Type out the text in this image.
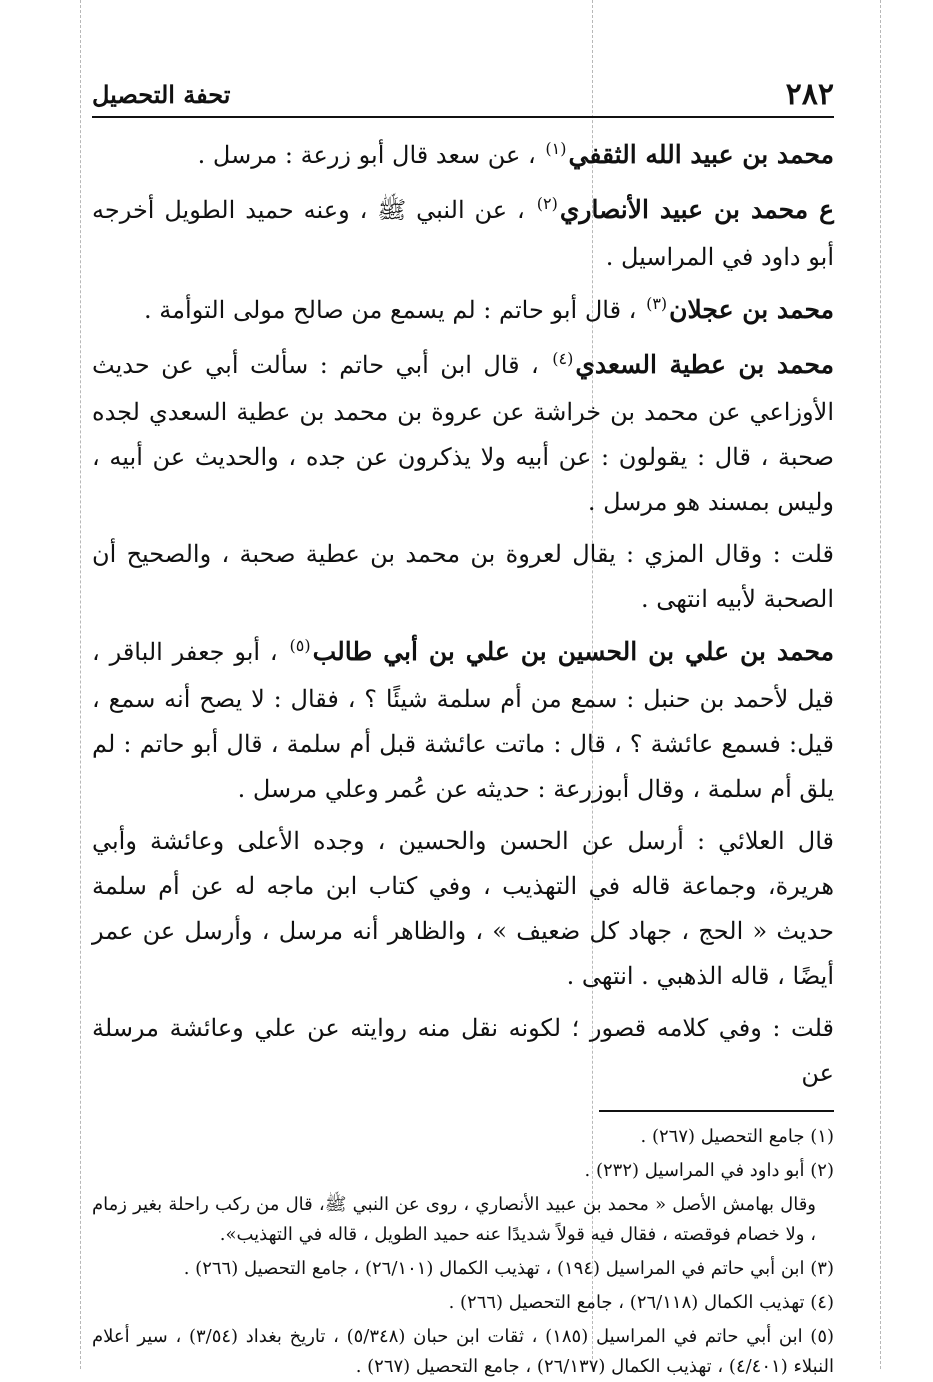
٢٨٢
تحفة التحصيل

محمد بن عبيد الله الثقفي$^{(١)}$ ، عن سعد قال أبو زرعة : مرسل .

ع محمد بن عبيد الأنصاري$^{(٢)}$ ، عن النبي ﷺ ، وعنه حميد الطويل أخرجه أبو داود في المراسيل .

محمد بن عجلان$^{(٣)}$ ، قال أبو حاتم : لم يسمع من صالح مولى التوأمة .

محمد بن عطية السعدي$^{(٤)}$ ، قال ابن أبي حاتم : سألت أبي عن حديث الأوزاعي عن محمد بن خراشة عن عروة بن محمد بن عطية السعدي لجده صحبة ، قال : يقولون : عن أبيه ولا يذكرون عن جده ، والحديث عن أبيه ، وليس بمسند هو مرسل .

قلت : وقال المزي : يقال لعروة بن محمد بن عطية صحبة ، والصحيح أن الصحبة لأبيه انتهى .

محمد بن علي بن الحسين بن علي بن أبي طالب$^{(٥)}$ ، أبو جعفر الباقر ، قيل لأحمد بن حنبل : سمع من أم سلمة شيئًا ؟ ، فقال : لا يصح أنه سمع ، قيل: فسمع عائشة ؟ ، قال : ماتت عائشة قبل أم سلمة ، قال أبو حاتم : لم يلق أم سلمة ، وقال أبوزرعة : حديثه عن عُمر وعلي مرسل .

قال العلائي : أرسل عن الحسن والحسين ، وجده الأعلى وعائشة وأبي هريرة، وجماعة قاله في التهذيب ، وفي كتاب ابن ماجه له عن أم سلمة حديث « الحج ، جهاد كل ضعيف » ، والظاهر أنه مرسل ، وأرسل عن عمر أيضًا ، قاله الذهبي . انتهى .

قلت : وفي كلامه قصور ؛ لكونه نقل منه روايته عن علي وعائشة مرسلة عن

(١) جامع التحصيل (٢٦٧) .

(٢) أبو داود في المراسيل (٢٣٢) .

وقال بهامش الأصل « محمد بن عبيد الأنصاري ، روى عن النبي ﷺ، قال من ركب راحلة بغير زمام ، ولا خصام فوقصته ، فقال فيه قولاً شديدًا عنه حميد الطويل ، قاله في التهذيب».

(٣) ابن أبي حاتم في المراسيل (١٩٤) ، تهذيب الكمال (٢٦/١٠١) ، جامع التحصيل (٢٦٦) .

(٤) تهذيب الكمال (٢٦/١١٨) ، جامع التحصيل (٢٦٦) .

(٥) ابن أبي حاتم في المراسيل (١٨٥) ، ثقات ابن حبان (٥/٣٤٨) ، تاريخ بغداد (٣/٥٤) ، سير أعلام النبلاء (٤/٤٠١) ، تهذيب الكمال (٢٦/١٣٧) ، جامع التحصيل (٢٦٧) .
